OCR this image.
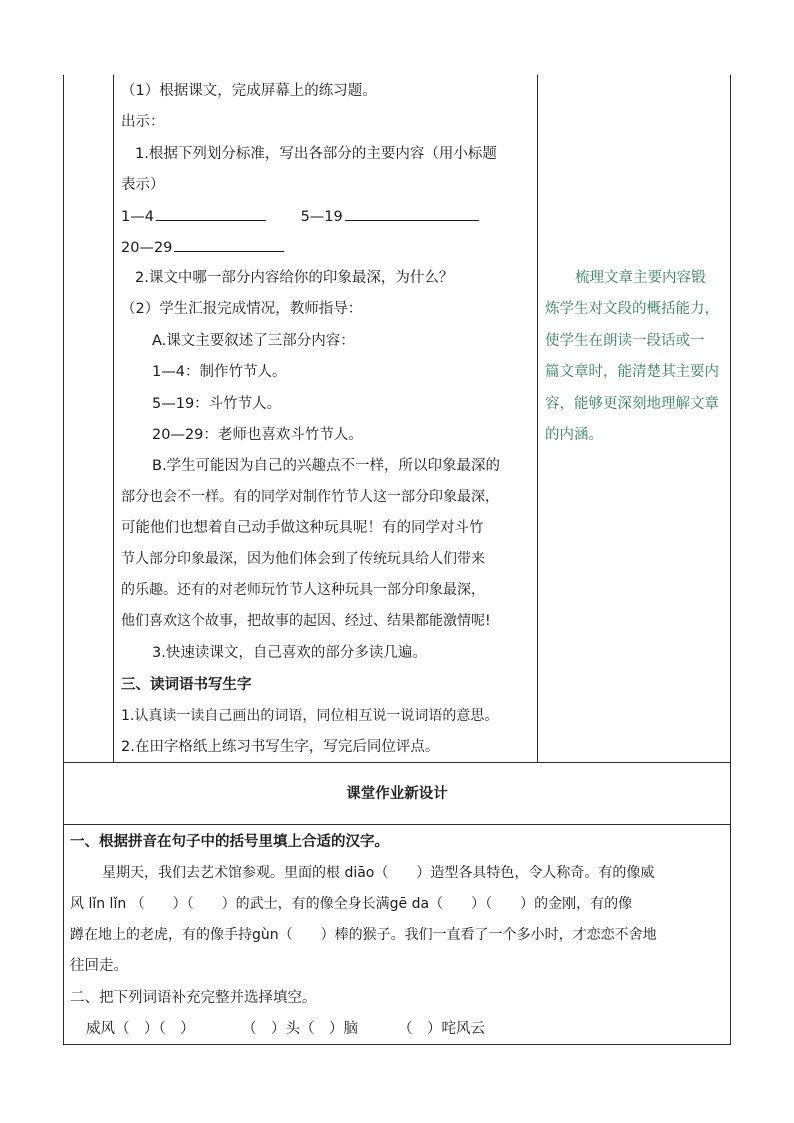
（1）根据课文，完成屏幕上的练习题。
出示：
1.根据下列划分标准，写出各部分的主要内容（用小标题
表示）
1—4	5—19
20—29
2.课文中哪一部分内容给你的印象最深，为什么？
（2）学生汇报完成情况，教师指导：
A.课文主要叙述了三部分内容：
1—4：制作竹节人。
5—19：斗竹节人。
20—29：老师也喜欢斗竹节人。
B.学生可能因为自己的兴趣点不一样，所以印象最深的
部分也会不一样。有的同学对制作竹节人这一部分印象最深，
可能他们也想着自己动手做这种玩具呢！有的同学对斗竹
节人部分印象最深，因为他们体会到了传统玩具给人们带来
的乐趣。还有的对老师玩竹节人这种玩具一部分印象最深，
他们喜欢这个故事，把故事的起因、经过、结果都能激情呢!
3.快速读课文，自己喜欢的部分多读几遍。
三、读词语书写生字
1.认真读一读自己画出的词语，同位相互说一说词语的意思。
2.在田字格纸上练习书写生字，写完后同位评点。
梳理文章主要内容锻
炼学生对文段的概括能力，
使学生在朗读一段话或一
篇文章时，能清楚其主要内
容，能够更深刻地理解文章
的内涵。
课堂作业新设计
一、根据拼音在句子中的括号里填上合适的汉字。
星期天，我们去艺术馆参观。里面的根 diāo（　　）造型各具特色，令人称奇。有的像威
风 lǐn lǐn （　　）（　　）的武士，有的像全身长满gē da（　　）（　　）的金刚，有的像
蹲在地上的老虎，有的像手持gùn（　　）棒的猴子。我们一直看了一个多小时，才恋恋不舍地
往回走。
二、把下列词语补充完整并选择填空。
威风（　）（　）	（　）头（　）脑	（　）咤风云
